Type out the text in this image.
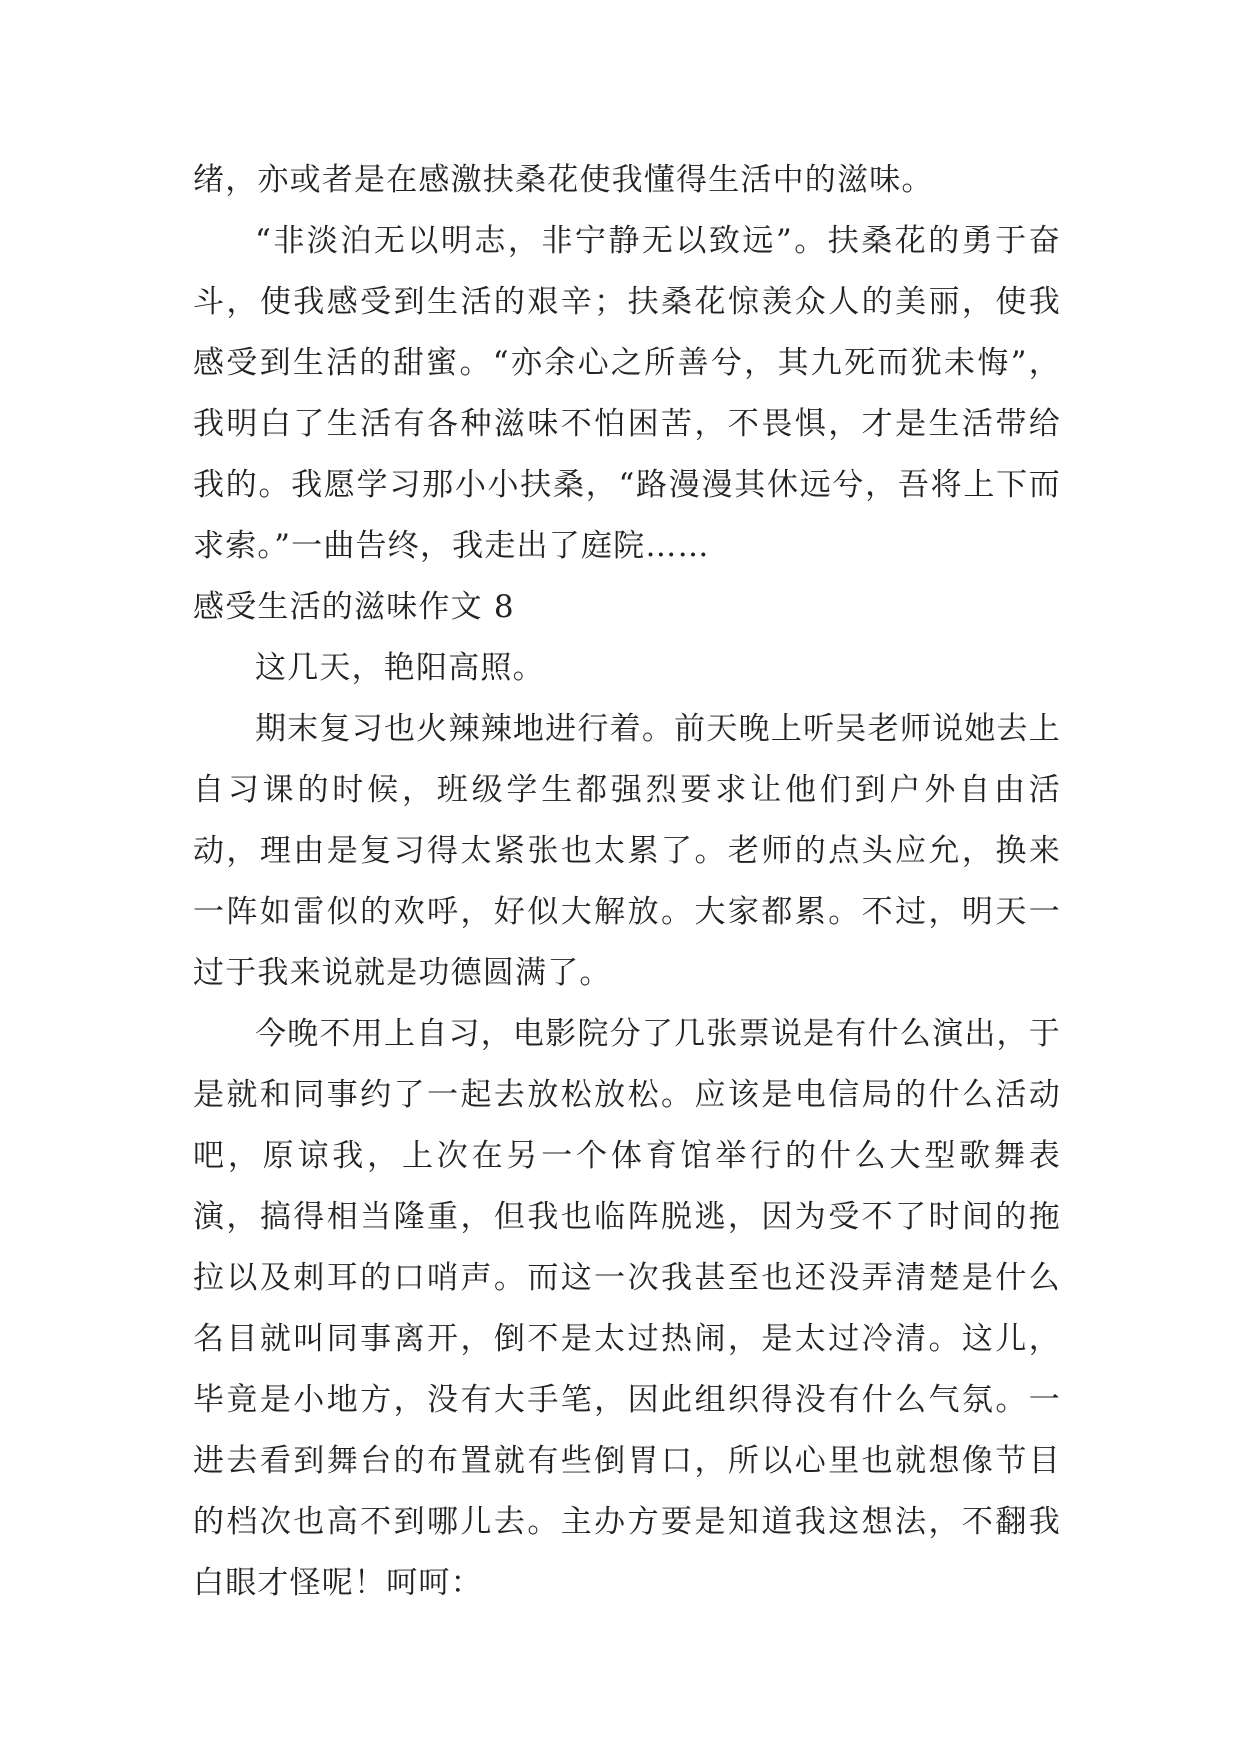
绪，亦或者是在感激扶桑花使我懂得生活中的滋味。

“非淡泊无以明志，非宁静无以致远”。扶桑花的勇于奋斗，使我感受到生活的艰辛；扶桑花惊羡众人的美丽，使我感受到生活的甜蜜。“亦余心之所善兮，其九死而犹未悔”，我明白了生活有各种滋味不怕困苦，不畏惧，才是生活带给我的。我愿学习那小小扶桑，“路漫漫其休远兮，吾将上下而求索。”一曲告终，我走出了庭院……

感受生活的滋味作文 8

这几天，艳阳高照。

期末复习也火辣辣地进行着。前天晚上听吴老师说她去上自习课的时候，班级学生都强烈要求让他们到户外自由活动，理由是复习得太紧张也太累了。老师的点头应允，换来一阵如雷似的欢呼，好似大解放。大家都累。不过，明天一过于我来说就是功德圆满了。

今晚不用上自习，电影院分了几张票说是有什么演出，于是就和同事约了一起去放松放松。应该是电信局的什么活动吧，原谅我，上次在另一个体育馆举行的什么大型歌舞表演，搞得相当隆重，但我也临阵脱逃，因为受不了时间的拖拉以及刺耳的口哨声。而这一次我甚至也还没弄清楚是什么名目就叫同事离开，倒不是太过热闹，是太过冷清。这儿，毕竟是小地方，没有大手笔，因此组织得没有什么气氛。一进去看到舞台的布置就有些倒胃口，所以心里也就想像节目的档次也高不到哪儿去。主办方要是知道我这想法，不翻我白眼才怪呢！呵呵：
